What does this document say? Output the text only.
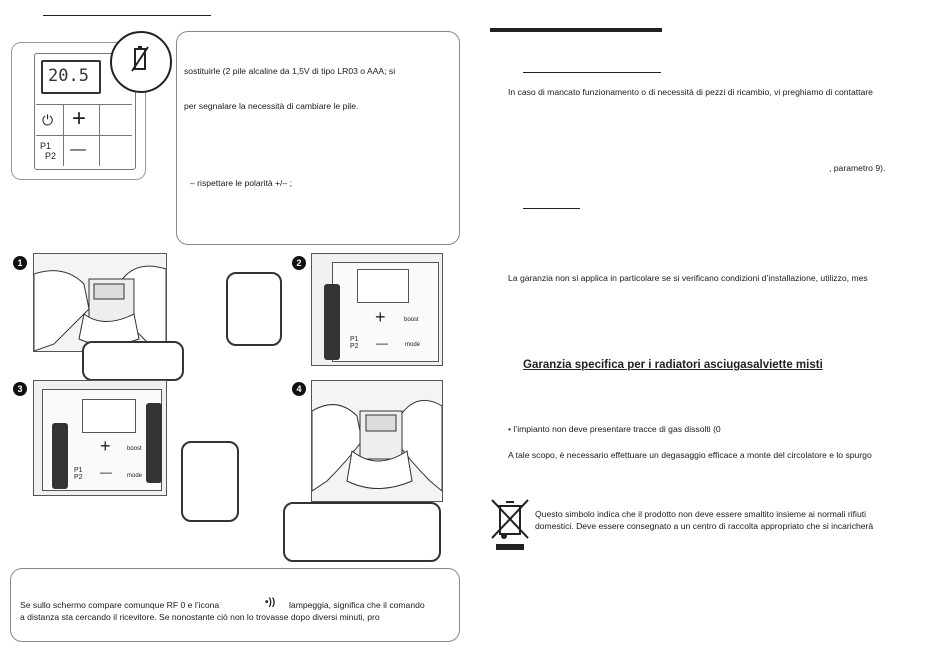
20.5
⏻ +
—
P1
P2
sostituirle (2 pile alcaline da 1,5V di tipo LR03 o AAA; si
per segnalare la necessità di cambiare le pile.
– rispettare le polarità +/– ;
1	2
3	4
+
—
boost
mode
P1
P2
+
—
boost
mode
P1
P2
Se sullo schermo compare comunque RF 0 e l’icona	•)) lampeggia, significa che il comando
a distanza sta cercando il ricevitore. Se nonostante ciò non lo trovasse dopo diversi minuti, pro
In caso di mancato funzionamento o di necessità di pezzi di ricambio, vi preghiamo di contattare
, parametro 9).
La garanzia non si applica in particolare se si verificano condizioni d’installazione, utilizzo, mes
Garanzia specifica per i radiatori asciugasalviette misti
• l’impianto non deve presentare tracce di gas dissolti (0
A tale scopo, è necessario effettuare un degasaggio efficace a monte del circolatore e lo spurgo
Questo simbolo indica che il prodotto non deve essere smaltito insieme ai normali rifiuti
domestici. Deve essere consegnato a un centro di raccolta appropriato che si incaricherà
